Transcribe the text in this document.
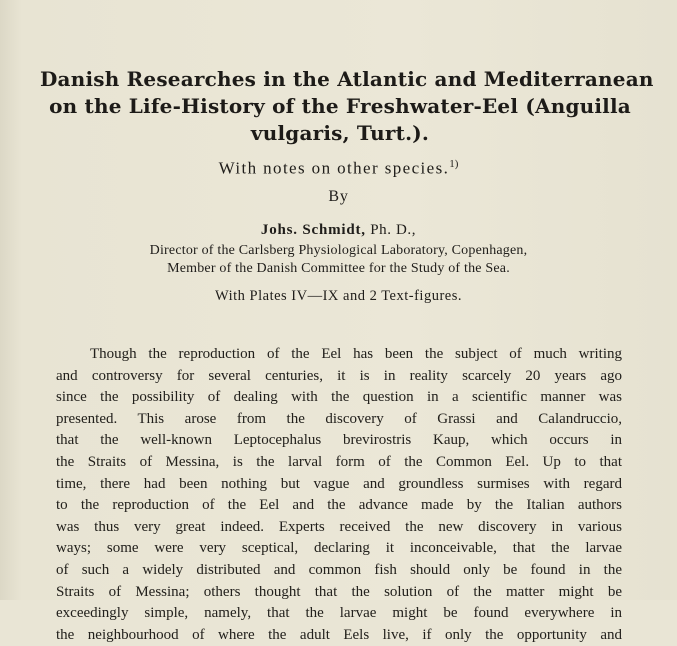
Danish Researches in the Atlantic and Mediterranean
on the Life-History of the Freshwater-Eel (Anguilla
vulgaris, Turt.).
With notes on other species.$^{1)}$
By
Johs. Schmidt, Ph. D.,
Director of the Carlsberg Physiological Laboratory, Copenhagen,
Member of the Danish Committee for the Study of the Sea.
With Plates IV—IX and 2 Text-figures.
Though the reproduction of the Eel has been the subject of much writing
and controversy for several centuries, it is in reality scarcely 20 years ago
since the possibility of dealing with the question in a scientific manner was
presented. This arose from the discovery of Grassi and Calandruccio,
that the well-known Leptocephalus brevirostris Kaup, which occurs in
the Straits of Messina, is the larval form of the Common Eel. Up to that
time, there had been nothing but vague and groundless surmises with regard
to the reproduction of the Eel and the advance made by the Italian authors
was thus very great indeed. Experts received the new discovery in various
ways; some were very sceptical, declaring it inconceivable, that the larvae
of such a widely distributed and common fish should only be found in the
Straits of Messina; others thought that the solution of the matter might be
exceedingly simple, namely, that the larvae might be found everywhere in
the neighbourhood of where the adult Eels live, if only the opportunity and
